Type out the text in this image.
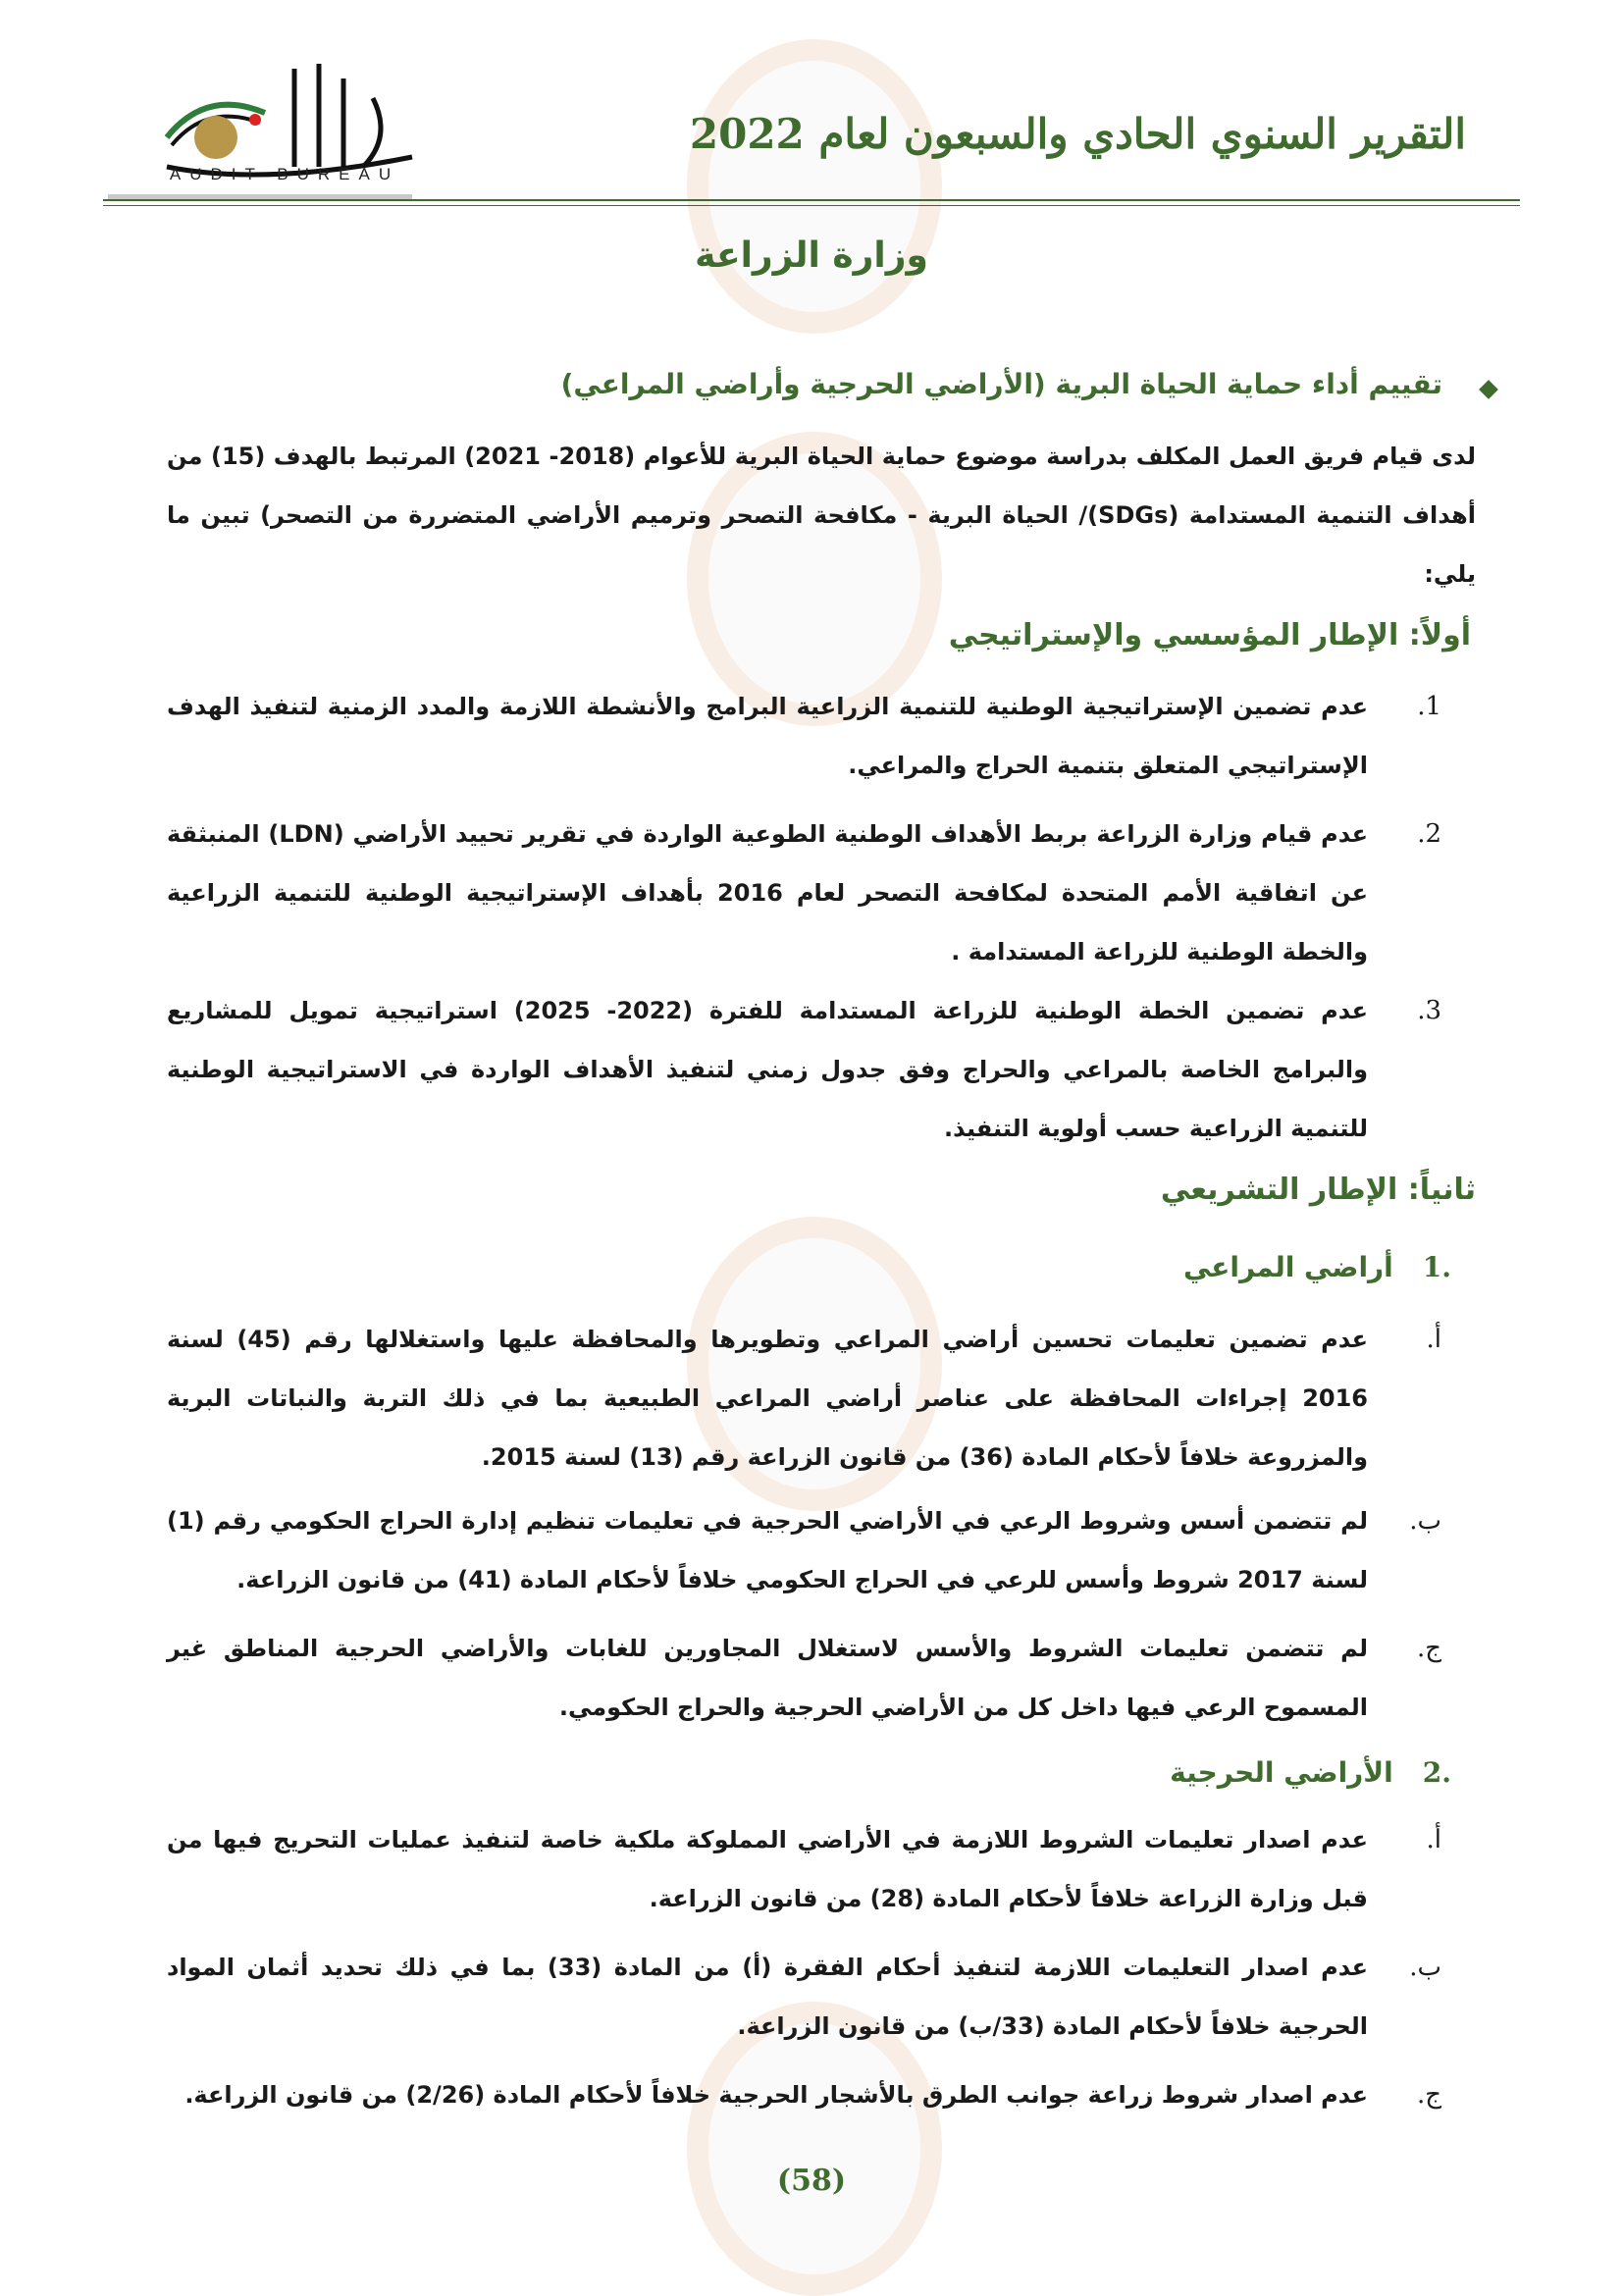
AUDIT BUREAU
التقرير السنوي الحادي والسبعون لعام 2022
وزارة الزراعة
تقييم أداء حماية الحياة البرية (الأراضي الحرجية وأراضي المراعي)
لدى قيام فريق العمل المكلف بدراسة موضوع حماية الحياة البرية للأعوام (2018- 2021) المرتبط بالهدف (15) من أهداف التنمية المستدامة (SDGs)/ الحياة البرية - مكافحة التصحر وترميم الأراضي المتضررة من التصحر) تبين ما يلي:
أولاً: الإطار المؤسسي والإستراتيجي
1.
عدم تضمين الإستراتيجية الوطنية للتنمية الزراعية البرامج والأنشطة اللازمة والمدد الزمنية لتنفيذ الهدف الإستراتيجي المتعلق بتنمية الحراج والمراعي.
2.
عدم قيام وزارة الزراعة بربط الأهداف الوطنية الطوعية الواردة في تقرير تحييد الأراضي (LDN) المنبثقة عن اتفاقية الأمم المتحدة لمكافحة التصحر لعام 2016 بأهداف الإستراتيجية الوطنية للتنمية الزراعية والخطة الوطنية للزراعة المستدامة .
3.
عدم تضمين الخطة الوطنية للزراعة المستدامة للفترة (2022- 2025) استراتيجية تمويل للمشاريع والبرامج الخاصة بالمراعي والحراج وفق جدول زمني لتنفيذ الأهداف الواردة في الاستراتيجية الوطنية للتنمية الزراعية حسب أولوية التنفيذ.
ثانياً: الإطار التشريعي
.1أراضي المراعي
أ.
عدم تضمين تعليمات تحسين أراضي المراعي وتطويرها والمحافظة عليها واستغلالها رقم (45) لسنة 2016 إجراءات المحافظة على عناصر أراضي المراعي الطبيعية بما في ذلك التربة والنباتات البرية والمزروعة خلافاً لأحكام المادة (36) من قانون الزراعة رقم (13) لسنة 2015.
ب.
لم تتضمن أسس وشروط الرعي في الأراضي الحرجية في تعليمات تنظيم إدارة الحراج الحكومي رقم (1) لسنة 2017 شروط وأسس للرعي في الحراج الحكومي خلافاً لأحكام المادة (41) من قانون الزراعة.
ج.
لم تتضمن تعليمات الشروط والأسس لاستغلال المجاورين للغابات والأراضي الحرجية المناطق غير المسموح الرعي فيها داخل كل من الأراضي الحرجية والحراج الحكومي.
.2الأراضي الحرجية
أ.
عدم اصدار تعليمات الشروط اللازمة في الأراضي المملوكة ملكية خاصة لتنفيذ عمليات التحريج فيها من قبل وزارة الزراعة خلافاً لأحكام المادة (28) من قانون الزراعة.
ب.
عدم اصدار التعليمات اللازمة لتنفيذ أحكام الفقرة (أ) من المادة (33) بما في ذلك تحديد أثمان المواد الحرجية خلافاً لأحكام المادة (33/ب) من قانون الزراعة.
ج.
عدم اصدار شروط زراعة جوانب الطرق بالأشجار الحرجية خلافاً لأحكام المادة (2/26) من قانون الزراعة.
(58)
